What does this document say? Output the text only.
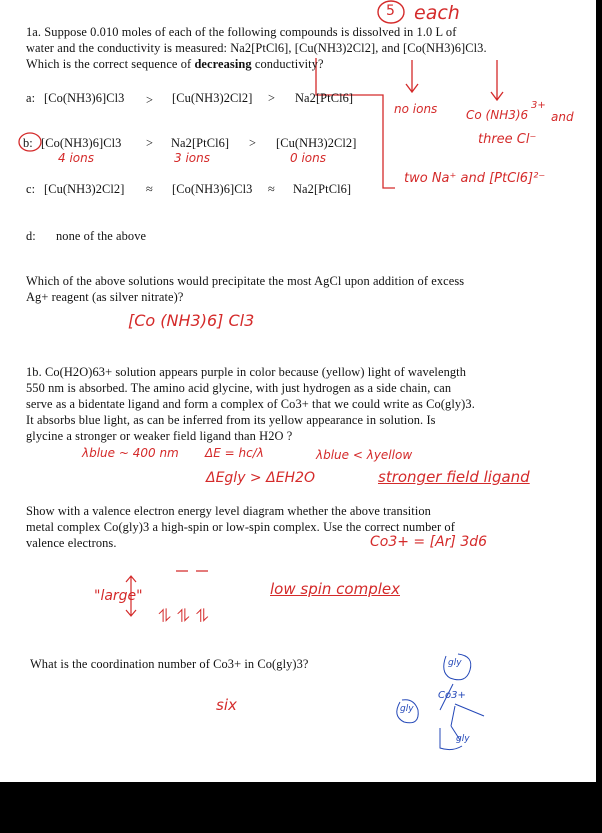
5 each
1a. Suppose 0.010 moles of each of the following compounds is dissolved in 1.0 L of
water and the conductivity is measured: Na2[PtCl6], [Cu(NH3)2Cl2], and [Co(NH3)6]Cl3.
Which is the correct sequence of decreasing conductivity?
a: [Co(NH3)6]Cl3 > [Cu(NH3)2Cl2] > Na2[PtCl6]
b: [Co(NH3)6]Cl3 > Na2[PtCl6] > [Cu(NH3)2Cl2]
4 ions	3 ions	0 ions
c: [Cu(NH3)2Cl2] ≈ [Co(NH3)6]Cl3 ≈ Na2[PtCl6]
d: none of the above
no ions Co (NH3)6
3+
and
three Cl⁻
two Na⁺ and [PtCl6]²⁻
Which of the above solutions would precipitate the most AgCl upon addition of excess
Ag+ reagent (as silver nitrate)?
[Co (NH3)6] Cl3
1b. Co(H2O)63+ solution appears purple in color because (yellow) light of wavelength
550 nm is absorbed. The amino acid glycine, with just hydrogen as a side chain, can
serve as a bidentate ligand and form a complex of Co3+ that we could write as Co(gly)3.
It absorbs blue light, as can be inferred from its yellow appearance in solution. Is
glycine a stronger or weaker field ligand than H2O ?
λblue ~ 400 nm ΔE = hc/λ	λblue < λyellow
ΔEgly > ΔEH2O	stronger field ligand
Show with a valence electron energy level diagram whether the above transition
metal complex Co(gly)3 a high-spin or low-spin complex. Use the correct number of
valence electrons.	Co3+ = [Ar] 3d6
"large"
⥮ ⥮ ⥮
low spin complex
What is the coordination number of Co3+ in Co(gly)3?
six
gly
gly
gly
Co3+
